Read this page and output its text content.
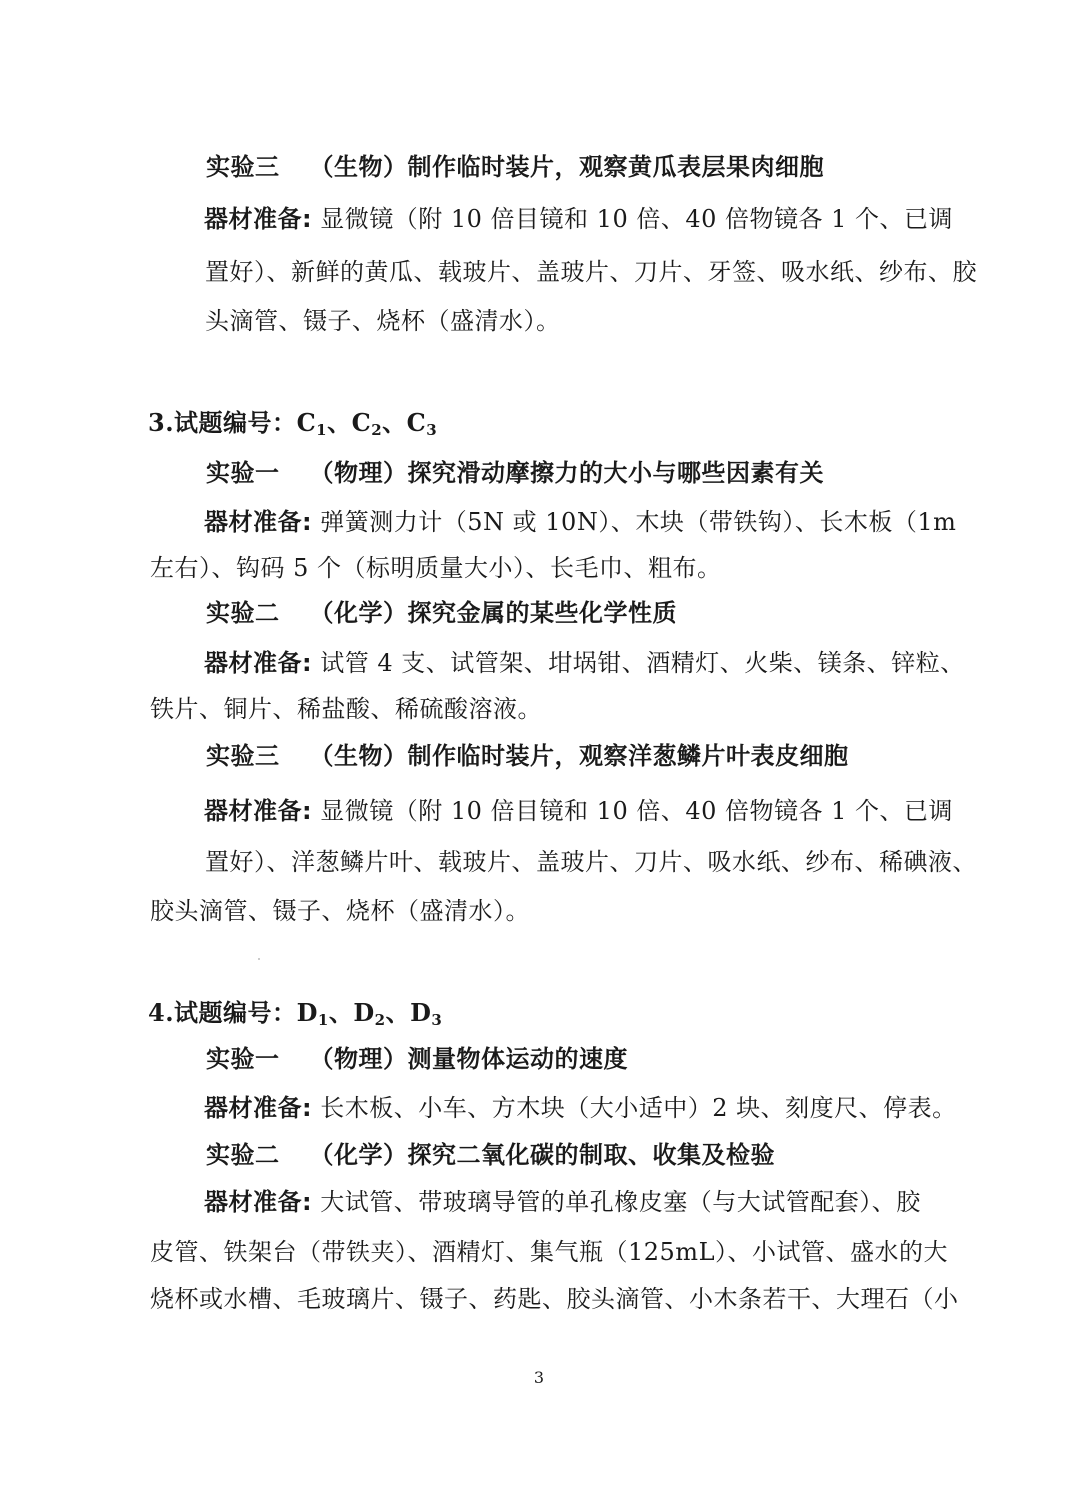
实验三 （生物）制作临时装片，观察黄瓜表层果肉细胞
器材准备: 显微镜（附 10 倍目镜和 10 倍、40 倍物镜各 1 个、已调
置好）、新鲜的黄瓜、载玻片、盖玻片、刀片、牙签、吸水纸、纱布、胶
头滴管、镊子、烧杯（盛清水）。
3.试题编号：$C_1$、$C_2$、$C_3$
实验一 （物理）探究滑动摩擦力的大小与哪些因素有关
器材准备: 弹簧测力计（5N 或 10N）、木块（带铁钩）、长木板（1m
左右）、钩码 5 个（标明质量大小）、长毛巾、粗布。
实验二 （化学）探究金属的某些化学性质
器材准备: 试管 4 支、试管架、坩埚钳、酒精灯、火柴、镁条、锌粒、
铁片、铜片、稀盐酸、稀硫酸溶液。
实验三 （生物）制作临时装片，观察洋葱鳞片叶表皮细胞
器材准备: 显微镜（附 10 倍目镜和 10 倍、40 倍物镜各 1 个、已调
置好）、洋葱鳞片叶、载玻片、盖玻片、刀片、吸水纸、纱布、稀碘液、
胶头滴管、镊子、烧杯（盛清水）。
4.试题编号：$D_1$、$D_2$、$D_3$
实验一 （物理）测量物体运动的速度
器材准备: 长木板、小车、方木块（大小适中）2 块、刻度尺、停表。
实验二 （化学）探究二氧化碳的制取、收集及检验
器材准备: 大试管、带玻璃导管的单孔橡皮塞（与大试管配套）、胶
皮管、铁架台（带铁夹）、酒精灯、集气瓶（125mL）、小试管、盛水的大
烧杯或水槽、毛玻璃片、镊子、药匙、胶头滴管、小木条若干、大理石（小
3
